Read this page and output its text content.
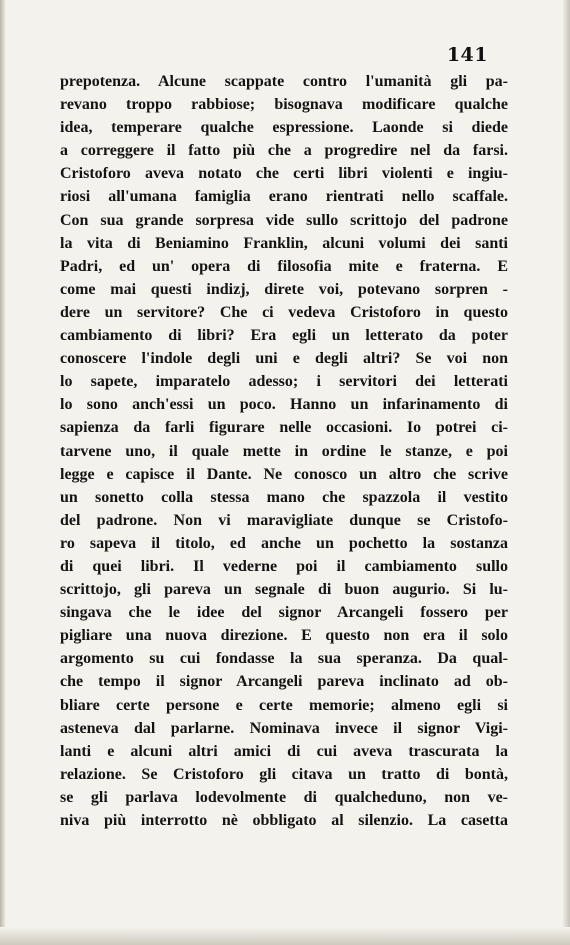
141
prepotenza. Alcune scappate contro l'umanità gli pa-
revano troppo rabbiose; bisognava modificare qualche
idea, temperare qualche espressione. Laonde si diede
a correggere il fatto più che a progredire nel da farsi.
Cristoforo aveva notato che certi libri violenti e ingiu-
riosi all'umana famiglia erano rientrati nello scaffale.
Con sua grande sorpresa vide sullo scrittojo del padrone
la vita di Beniamino Franklin, alcuni volumi dei santi
Padri, ed un' opera di filosofia mite e fraterna. E
come mai questi indizj, direte voi, potevano sorpren -
dere un servitore? Che ci vedeva Cristoforo in questo
cambiamento di libri? Era egli un letterato da poter
conoscere l'indole degli uni e degli altri? Se voi non
lo sapete, imparatelo adesso; i servitori dei letterati
lo sono anch'essi un poco. Hanno un infarinamento di
sapienza da farli figurare nelle occasioni. Io potrei ci-
tarvene uno, il quale mette in ordine le stanze, e poi
legge e capisce il Dante. Ne conosco un altro che scrive
un sonetto colla stessa mano che spazzola il vestito
del padrone. Non vi maravigliate dunque se Cristofo-
ro sapeva il titolo, ed anche un pochetto la sostanza
di quei libri. Il vederne poi il cambiamento sullo
scrittojo, gli pareva un segnale di buon augurio. Si lu-
singava che le idee del signor Arcangeli fossero per
pigliare una nuova direzione. E questo non era il solo
argomento su cui fondasse la sua speranza. Da qual-
che tempo il signor Arcangeli pareva inclinato ad ob-
bliare certe persone e certe memorie; almeno egli si
asteneva dal parlarne. Nominava invece il signor Vigi-
lanti e alcuni altri amici di cui aveva trascurata la
relazione. Se Cristoforo gli citava un tratto di bontà,
se gli parlava lodevolmente di qualcheduno, non ve-
niva più interrotto nè obbligato al silenzio. La casetta
